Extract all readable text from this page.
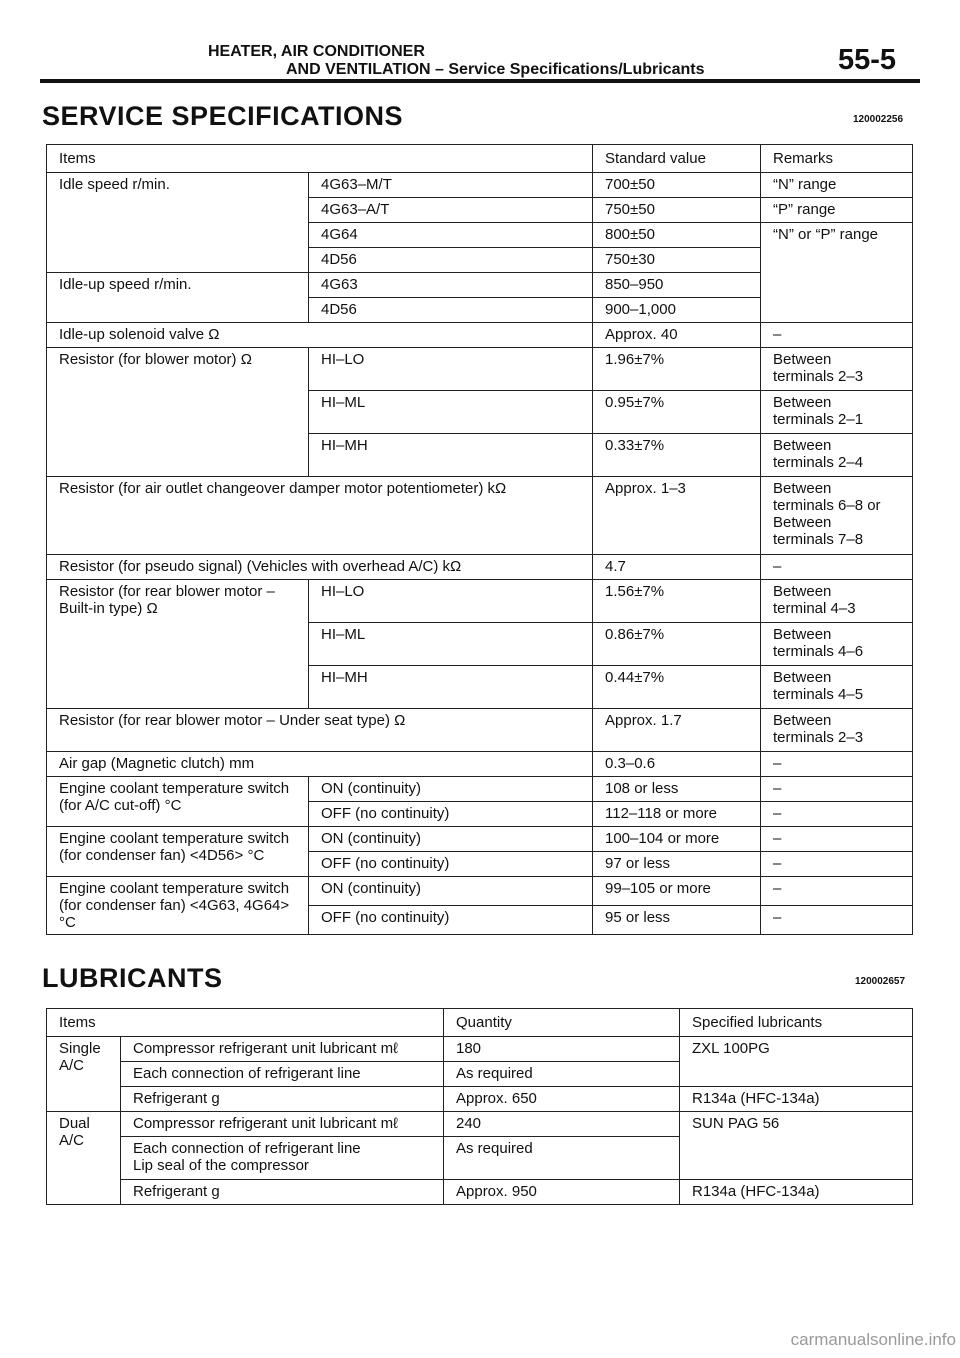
HEATER, AIR CONDITIONER
AND VENTILATION – Service Specifications/Lubricants	55-5
SERVICE SPECIFICATIONS	120002256
Items		Standard value	Remarks
Idle speed r/min.	4G63–M/T	700±50	“N” range
	4G63–A/T	750±50	“P” range
	4G64	800±50	“N” or “P” range
	4D56	750±30	
Idle-up speed r/min.	4G63	850–950	
	4D56	900–1,000	
Idle-up solenoid valve Ω		Approx. 40	–
Resistor (for blower motor) Ω	HI–LO	1.96±7%	Between
terminals 2–3
	HI–ML	0.95±7%	Between
terminals 2–1
	HI–MH	0.33±7%	Between
terminals 2–4
Resistor (for air outlet changeover damper motor potentiometer) kΩ		Approx. 1–3	Between
terminals 6–8 or
Between
terminals 7–8
Resistor (for pseudo signal) (Vehicles with overhead A/C) kΩ		4.7	–
Resistor (for rear blower motor –
Built-in type) Ω	HI–LO	1.56±7%	Between
terminal 4–3
	HI–ML	0.86±7%	Between
terminals 4–6
	HI–MH	0.44±7%	Between
terminals 4–5
Resistor (for rear blower motor – Under seat type) Ω		Approx. 1.7	Between
terminals 2–3
Air gap (Magnetic clutch) mm		0.3–0.6	–
Engine coolant temperature switch
(for A/C cut-off) °C	ON (continuity)	108 or less	–
	OFF (no continuity)	112–118 or more	–
Engine coolant temperature switch
(for condenser fan) <4D56> °C	ON (continuity)	100–104 or more	–
	OFF (no continuity)	97 or less	–
Engine coolant temperature switch
(for condenser fan) <4G63, 4G64>
°C	ON (continuity)	99–105 or more	–
	OFF (no continuity)	95 or less	–
LUBRICANTS	120002657
Items		Quantity	Specified lubricants
Single
A/C	Compressor refrigerant unit lubricant mℓ	180	ZXL 100PG
	Each connection of refrigerant line	As required	
	Refrigerant g	Approx. 650	R134a (HFC-134a)
Dual
A/C	Compressor refrigerant unit lubricant mℓ	240	SUN PAG 56
	Each connection of refrigerant line
Lip seal of the compressor	As required	
	Refrigerant g	Approx. 950	R134a (HFC-134a)
carmanualsonline.info
